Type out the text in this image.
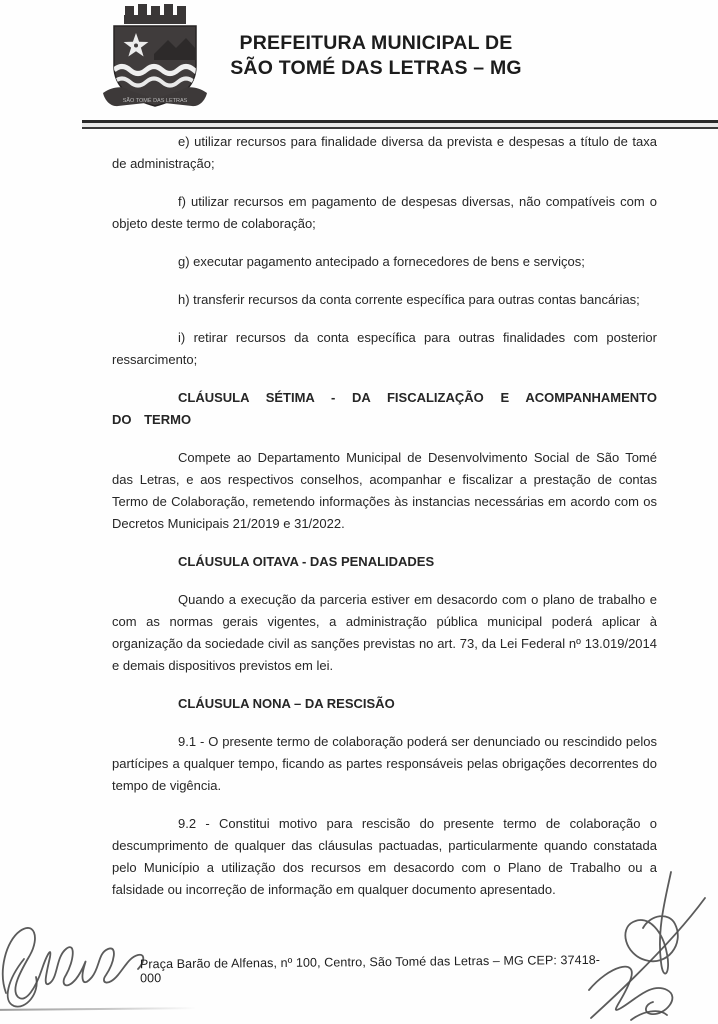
SÃO TOMÉ DAS LETRAS
PREFEITURA MUNICIPAL DE
SÃO TOMÉ DAS LETRAS – MG
e) utilizar recursos para finalidade diversa da prevista e despesas a título de taxa de administração;
f) utilizar recursos em pagamento de despesas diversas, não compatíveis com o objeto deste termo de colaboração;
g) executar pagamento antecipado a fornecedores de bens e serviços;
h) transferir recursos da conta corrente específica para outras contas bancárias;
i) retirar recursos da conta específica para outras finalidades com posterior ressarcimento;
CLÁUSULA SÉTIMA - DA FISCALIZAÇÃO E ACOMPANHAMENTO DO TERMO
Compete ao Departamento Municipal de Desenvolvimento Social de São Tomé das Letras, e aos respectivos conselhos, acompanhar e fiscalizar a prestação de contas Termo de Colaboração, remetendo informações às instancias necessárias em acordo com os Decretos Municipais 21/2019 e 31/2022.
CLÁUSULA OITAVA - DAS PENALIDADES
Quando a execução da parceria estiver em desacordo com o plano de trabalho e com as normas gerais vigentes, a administração pública municipal poderá aplicar à organização da sociedade civil as sanções previstas no art. 73, da Lei Federal nº 13.019/2014 e demais dispositivos previstos em lei.
CLÁUSULA NONA – DA RESCISÃO
9.1 - O presente termo de colaboração poderá ser denunciado ou rescindido pelos partícipes a qualquer tempo, ficando as partes responsáveis pelas obrigações decorrentes do tempo de vigência.
9.2 - Constitui motivo para rescisão do presente termo de colaboração o descumprimento de qualquer das cláusulas pactuadas, particularmente quando constatada pelo Município a utilização dos recursos em desacordo com o Plano de Trabalho ou a falsidade ou incorreção de informação em qualquer documento apresentado.
Praça Barão de Alfenas, nº 100, Centro, São Tomé das Letras – MG CEP: 37418-000
